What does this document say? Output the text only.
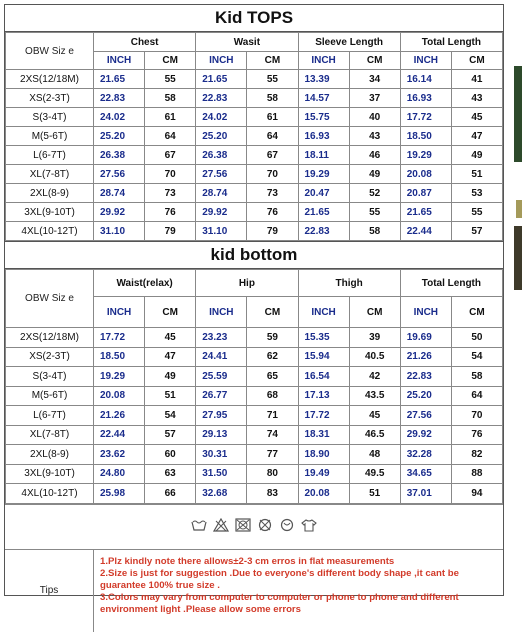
Kid TOPS
OBW Siz e	Chest		Wasit		Sleeve Length		Total Length	
	INCH	CM	INCH	CM	INCH	CM	INCH	CM
2XS(12/18M)	21.65	55	21.65	55	13.39	34	16.14	41
XS(2-3T)	22.83	58	22.83	58	14.57	37	16.93	43
S(3-4T)	24.02	61	24.02	61	15.75	40	17.72	45
M(5-6T)	25.20	64	25.20	64	16.93	43	18.50	47
L(6-7T)	26.38	67	26.38	67	18.11	46	19.29	49
XL(7-8T)	27.56	70	27.56	70	19.29	49	20.08	51
2XL(8-9)	28.74	73	28.74	73	20.47	52	20.87	53
3XL(9-10T)	29.92	76	29.92	76	21.65	55	21.65	55
4XL(10-12T)	31.10	79	31.10	79	22.83	58	22.44	57
kid bottom
OBW Siz e	Waist(relax)		Hip		Thigh		Total Length	
	INCH	CM	INCH	CM	INCH	CM	INCH	CM
2XS(12/18M)	17.72	45	23.23	59	15.35	39	19.69	50
XS(2-3T)	18.50	47	24.41	62	15.94	40.5	21.26	54
S(3-4T)	19.29	49	25.59	65	16.54	42	22.83	58
M(5-6T)	20.08	51	26.77	68	17.13	43.5	25.20	64
L(6-7T)	21.26	54	27.95	71	17.72	45	27.56	70
XL(7-8T)	22.44	57	29.13	74	18.31	46.5	29.92	76
2XL(8-9)	23.62	60	30.31	77	18.90	48	32.28	82
3XL(9-10T)	24.80	63	31.50	80	19.49	49.5	34.65	88
4XL(10-12T)	25.98	66	32.68	83	20.08	51	37.01	94
Tips

1.Plz kindly note there allows±2-3 cm erros in flat measurements

2.Size is just for suggestion .Due to everyone's different body shape ,it cant be guarantee 100% true size .

3.Colors may vary from computer to computer or phone to phone and different environment light .Please allow some errors
